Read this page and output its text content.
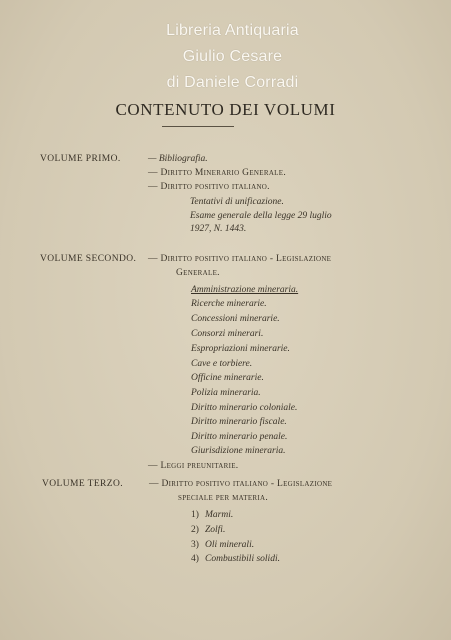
Libreria Antiquaria
Giulio Cesare
di Daniele Corradi
CONTENUTO DEI VOLUMI
VOLUME PRIMO.	— Bibliografia.
— Diritto Minerario Generale.
— Diritto positivo italiano.
Tentativi di unificazione.
Esame generale della legge 29 luglio
1927, N. 1443.
VOLUME SECONDO. — Diritto positivo italiano - Legislazione
Generale.
Amministrazione mineraria.
Ricerche minerarie.
Concessioni minerarie.
Consorzi minerari.
Espropriazioni minerarie.
Cave e torbiere.
Officine minerarie.
Polizia mineraria.
Diritto minerario coloniale.
Diritto minerario fiscale.
Diritto minerario penale.
Giurisdizione mineraria.
— Leggi preunitarie.
VOLUME TERZO.	— Diritto positivo italiano - Legislazione
speciale per materia.
1) Marmi.
2) Zolfi.
3) Oli minerali.
4) Combustibili solidi.
